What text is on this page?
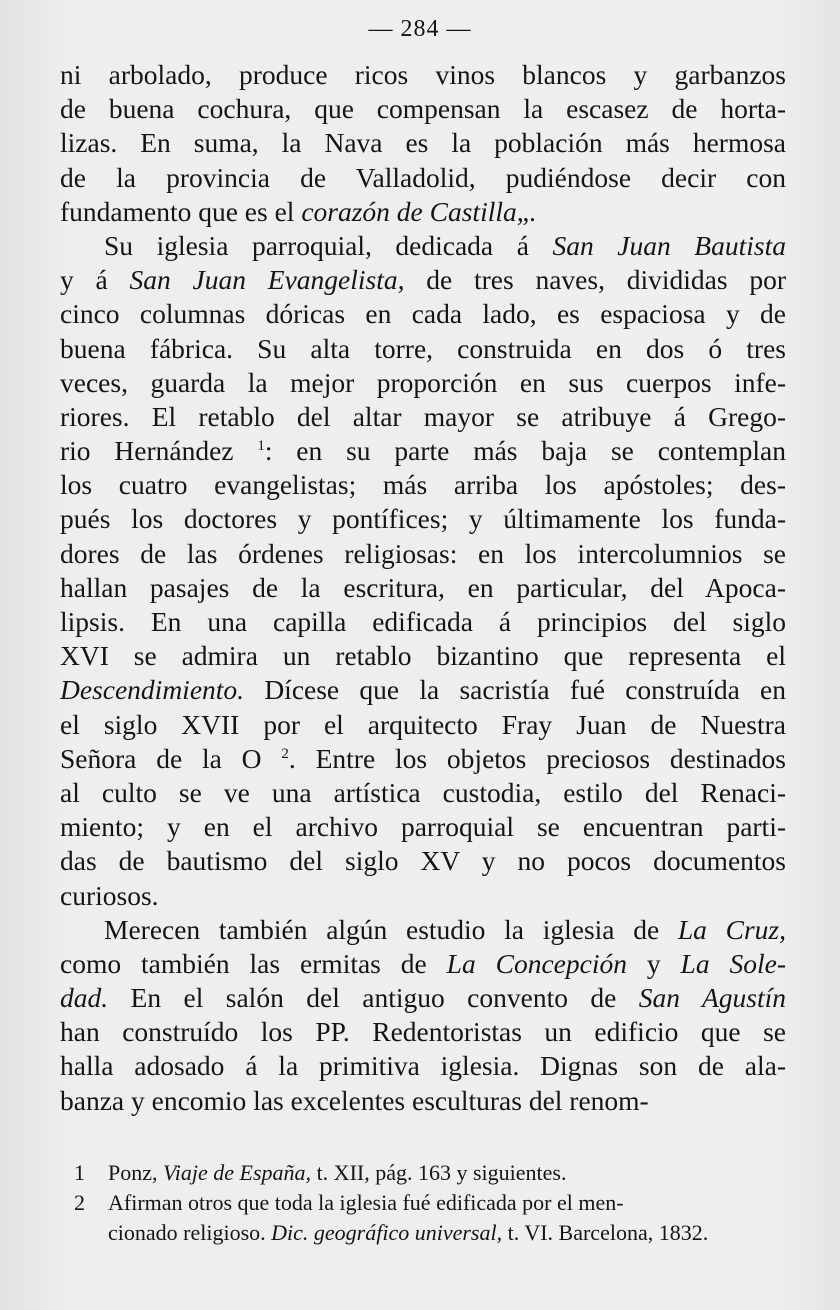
— 284 —
ni arbolado, produce ricos vinos blancos y garbanzos
de buena cochura, que compensan la escasez de horta-
lizas. En suma, la Nava es la población más hermosa
de la provincia de Valladolid, pudiéndose decir con
fundamento que es el corazón de Castilla„.
Su iglesia parroquial, dedicada á San Juan Bautista
y á San Juan Evangelista, de tres naves, divididas por
cinco columnas dóricas en cada lado, es espaciosa y de
buena fábrica. Su alta torre, construida en dos ó tres
veces, guarda la mejor proporción en sus cuerpos infe-
riores. El retablo del altar mayor se atribuye á Grego-
rio Hernández $^1$: en su parte más baja se contemplan
los cuatro evangelistas; más arriba los apóstoles; des-
pués los doctores y pontífices; y últimamente los funda-
dores de las órdenes religiosas: en los intercolumnios se
hallan pasajes de la escritura, en particular, del Apoca-
lipsis. En una capilla edificada á principios del siglo
XVI se admira un retablo bizantino que representa el
Descendimiento. Dícese que la sacristía fué construída en
el siglo XVII por el arquitecto Fray Juan de Nuestra
Señora de la O $^2$. Entre los objetos preciosos destinados
al culto se ve una artística custodia, estilo del Renaci-
miento; y en el archivo parroquial se encuentran parti-
das de bautismo del siglo XV y no pocos documentos
curiosos.
Merecen también algún estudio la iglesia de La Cruz,
como también las ermitas de La Concepción y La Sole-
dad. En el salón del antiguo convento de San Agustín
han construído los PP. Redentoristas un edificio que se
halla adosado á la primitiva iglesia. Dignas son de ala-
banza y encomio las excelentes esculturas del renom-
1 Ponz, Viaje de España, t. XII, pág. 163 y siguientes.
2 Afirman otros que toda la iglesia fué edificada por el men-
cionado religioso. Dic. geográfico universal, t. VI. Barcelona, 1832.
